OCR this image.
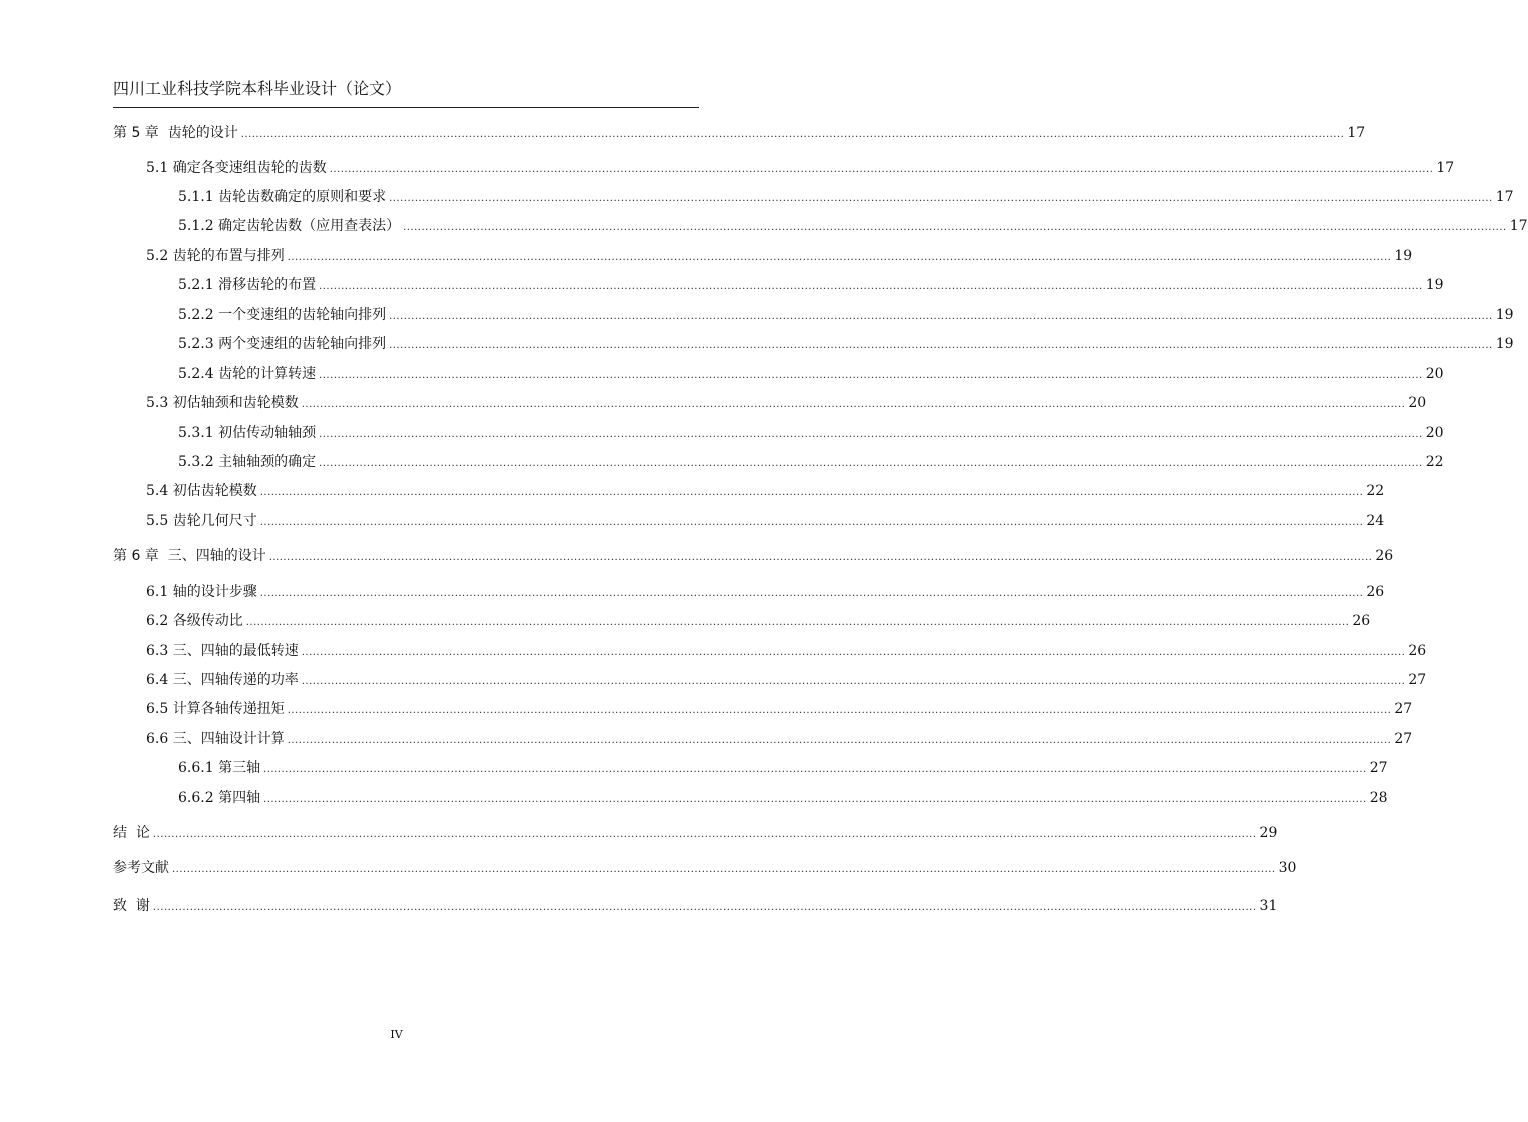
四川工业科技学院本科毕业设计（论文）
第 5 章  齿轮的设计 ............................................................................................................................................................................................................................................................................................................ 17
5.1 确定各变速组齿轮的齿数 ............................................................................................................................................................................................................................................................................................................ 17
5.1.1 齿轮齿数确定的原则和要求 ............................................................................................................................................................................................................................................................................................................ 17
5.1.2 确定齿轮齿数（应用查表法） ............................................................................................................................................................................................................................................................................................................ 17
5.2 齿轮的布置与排列 ............................................................................................................................................................................................................................................................................................................ 19
5.2.1 滑移齿轮的布置 ............................................................................................................................................................................................................................................................................................................ 19
5.2.2 一个变速组的齿轮轴向排列 ............................................................................................................................................................................................................................................................................................................ 19
5.2.3 两个变速组的齿轮轴向排列 ............................................................................................................................................................................................................................................................................................................ 19
5.2.4 齿轮的计算转速 ............................................................................................................................................................................................................................................................................................................ 20
5.3 初估轴颈和齿轮模数 ............................................................................................................................................................................................................................................................................................................ 20
5.3.1 初估传动轴轴颈 ............................................................................................................................................................................................................................................................................................................ 20
5.3.2 主轴轴颈的确定 ............................................................................................................................................................................................................................................................................................................ 22
5.4 初估齿轮模数 ............................................................................................................................................................................................................................................................................................................ 22
5.5 齿轮几何尺寸 ............................................................................................................................................................................................................................................................................................................ 24
第 6 章  三、四轴的设计 ............................................................................................................................................................................................................................................................................................................ 26
6.1 轴的设计步骤 ............................................................................................................................................................................................................................................................................................................ 26
6.2 各级传动比 ............................................................................................................................................................................................................................................................................................................ 26
6.3 三、四轴的最低转速 ............................................................................................................................................................................................................................................................................................................ 26
6.4 三、四轴传递的功率 ............................................................................................................................................................................................................................................................................................................ 27
6.5 计算各轴传递扭矩 ............................................................................................................................................................................................................................................................................................................ 27
6.6 三、四轴设计计算 ............................................................................................................................................................................................................................................................................................................ 27
6.6.1 第三轴 ............................................................................................................................................................................................................................................................................................................ 27
6.6.2 第四轴 ............................................................................................................................................................................................................................................................................................................ 28
结  论 ............................................................................................................................................................................................................................................................................................................ 29
参考文献 ............................................................................................................................................................................................................................................................................................................ 30
致  谢 ............................................................................................................................................................................................................................................................................................................ 31
IV
